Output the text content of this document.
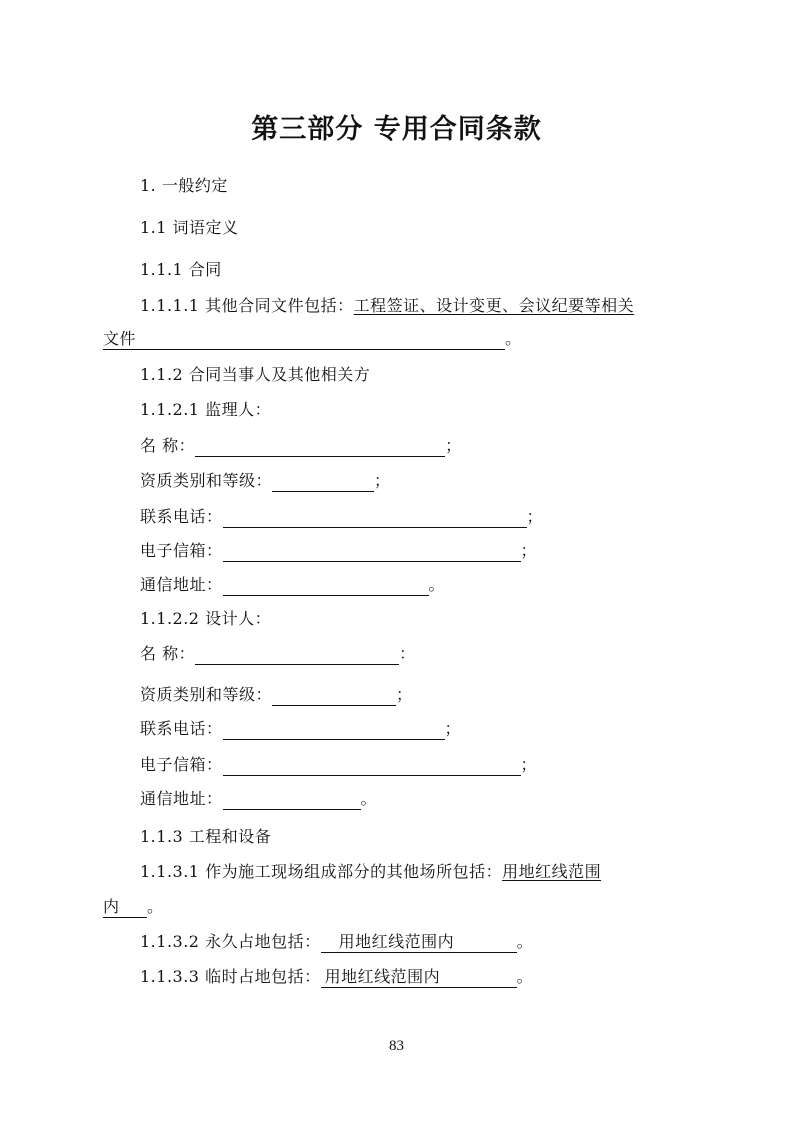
第三部分 专用合同条款
1. 一般约定
1.1 词语定义
1.1.1 合同
1.1.1.1 其他合同文件包括：工程签证、设计变更、会议纪要等相关
文件	。
1.1.2 合同当事人及其他相关方
1.1.2.1 监理人：
名 称：	；
资质类别和等级：	；
联系电话：	；
电子信箱：	；
通信地址：	。
1.1.2.2 设计人：
名 称：	：
资质类别和等级：	；
联系电话：	；
电子信箱：	；
通信地址：	。
1.1.3 工程和设备
1.1.3.1 作为施工现场组成部分的其他场所包括：用地红线范围
内 。
1.1.3.2 永久占地包括： 用地红线范围内	。
1.1.3.3 临时占地包括： 用地红线范围内	。
83
